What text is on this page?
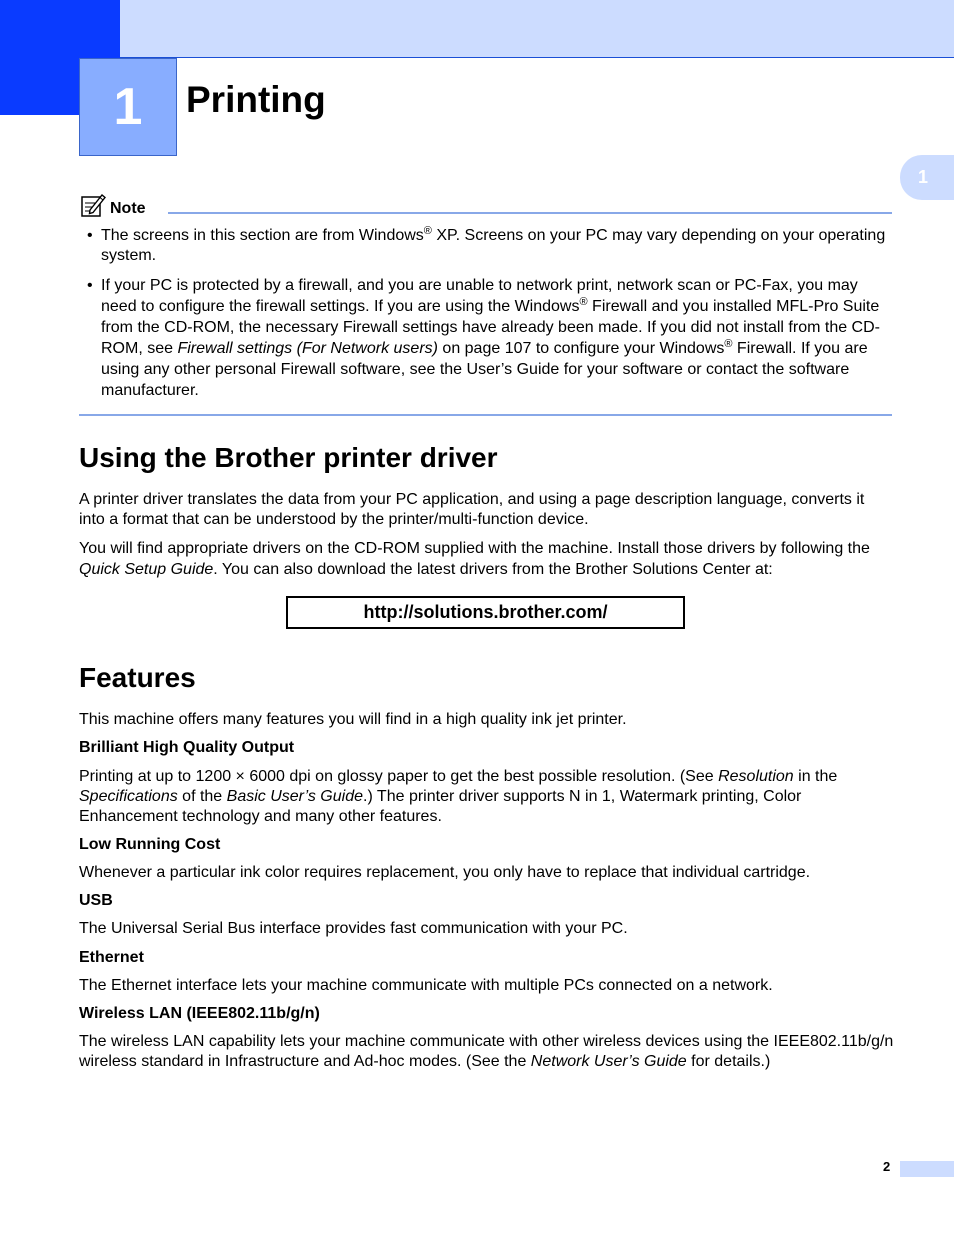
1 Printing
1
Note
• The screens in this section are from Windows® XP. Screens on your PC may vary depending on your operating system.
• If your PC is protected by a firewall, and you are unable to network print, network scan or PC-Fax, you may need to configure the firewall settings. If you are using the Windows® Firewall and you installed MFL-Pro Suite from the CD-ROM, the necessary Firewall settings have already been made. If you did not install from the CD-ROM, see Firewall settings (For Network users) on page 107 to configure your Windows® Firewall. If you are using any other personal Firewall software, see the User’s Guide for your software or contact the software manufacturer.
Using the Brother printer driver
A printer driver translates the data from your PC application, and using a page description language, converts it into a format that can be understood by the printer/multi-function device.
You will find appropriate drivers on the CD-ROM supplied with the machine. Install those drivers by following the Quick Setup Guide. You can also download the latest drivers from the Brother Solutions Center at:
http://solutions.brother.com/
Features
This machine offers many features you will find in a high quality ink jet printer.
Brilliant High Quality Output
Printing at up to 1200 × 6000 dpi on glossy paper to get the best possible resolution. (See Resolution in the Specifications of the Basic User’s Guide.) The printer driver supports N in 1, Watermark printing, Color Enhancement technology and many other features.
Low Running Cost
Whenever a particular ink color requires replacement, you only have to replace that individual cartridge.
USB
The Universal Serial Bus interface provides fast communication with your PC.
Ethernet
The Ethernet interface lets your machine communicate with multiple PCs connected on a network.
Wireless LAN (IEEE802.11b/g/n)
The wireless LAN capability lets your machine communicate with other wireless devices using the IEEE802.11b/g/n wireless standard in Infrastructure and Ad-hoc modes. (See the Network User’s Guide for details.)
2
